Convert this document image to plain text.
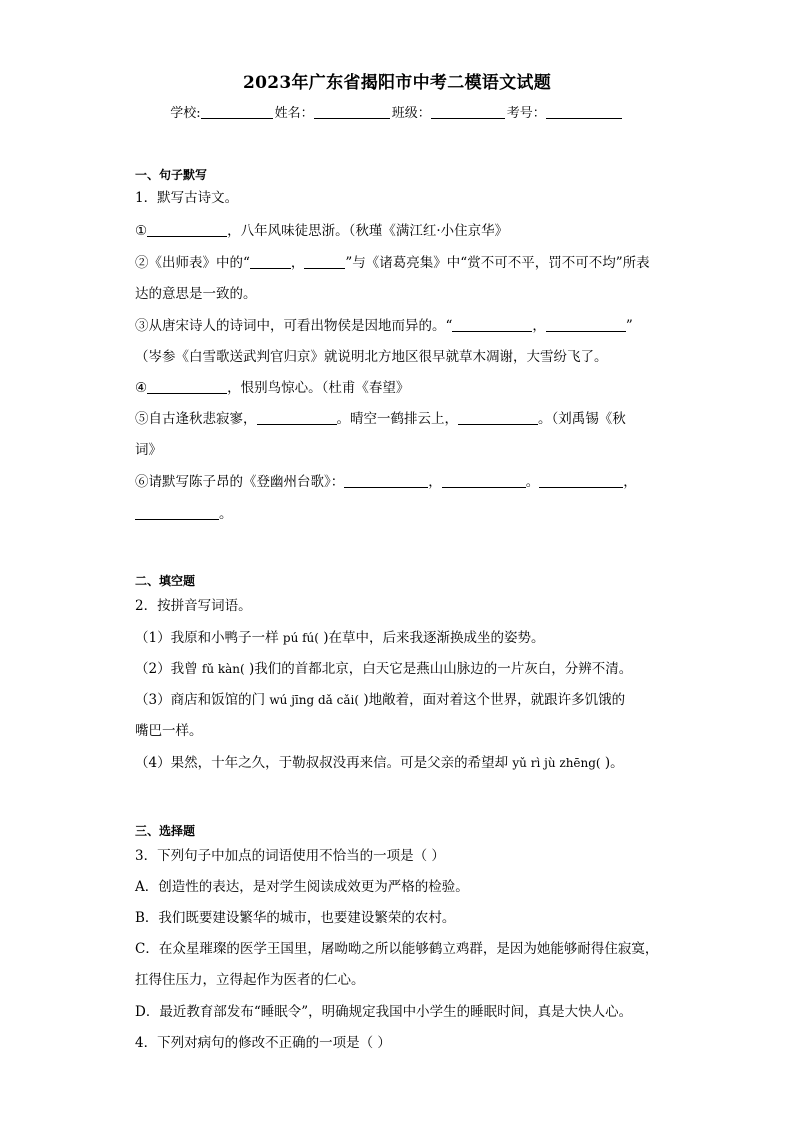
2023年广东省揭阳市中考二模语文试题
学校:	姓名：	班级：	考号：
一、句子默写
1．默写古诗文。
①	，八年风味徒思浙。（秋瑾《满江红·小住京华》
②《出师表》中的“	，	”与《诸葛亮集》中“赏不可不平，罚不可不均”所表
达的意思是一致的。
③从唐宋诗人的诗词中，可看出物侯是因地而异的。“	，	”
（岑参《白雪歌送武判官归京》就说明北方地区很早就草木凋谢，大雪纷飞了。
④	，恨别鸟惊心。（杜甫《春望》
⑤自古逢秋悲寂寥，	。晴空一鹤排云上，	。（刘禹锡《秋
词》
⑥请默写陈子昂的《登幽州台歌》：	，	。	，
。
二、填空题
2．按拼音写词语。
（1）我原和小鸭子一样 pú fú( )在草中，后来我逐渐换成坐的姿势。
（2）我曾 fǔ kàn( )我们的首都北京，白天它是燕山山脉边的一片灰白，分辨不清。
（3）商店和饭馆的门 wú jīng dǎ cǎi( )地敞着，面对着这个世界，就跟许多饥饿的
嘴巴一样。
（4）果然，十年之久，于勒叔叔没再来信。可是父亲的希望却 yǔ rì jù zhēng( )。
三、选择题
3．下列句子中加点的词语使用不恰当的一项是（ ）
A．创造性的表达，是对学生阅读成效更为严格的检验。
B．我们既要建设繁华的城市，也要建设繁荣的农村。
C．在众星璀璨的医学王国里，屠呦呦之所以能够鹤立鸡群，是因为她能够耐得住寂寞，
扛得住压力，立得起作为医者的仁心。
D．最近教育部发布“睡眠令”，明确规定我国中小学生的睡眠时间，真是大快人心。
4．下列对病句的修改不正确的一项是（ ）
